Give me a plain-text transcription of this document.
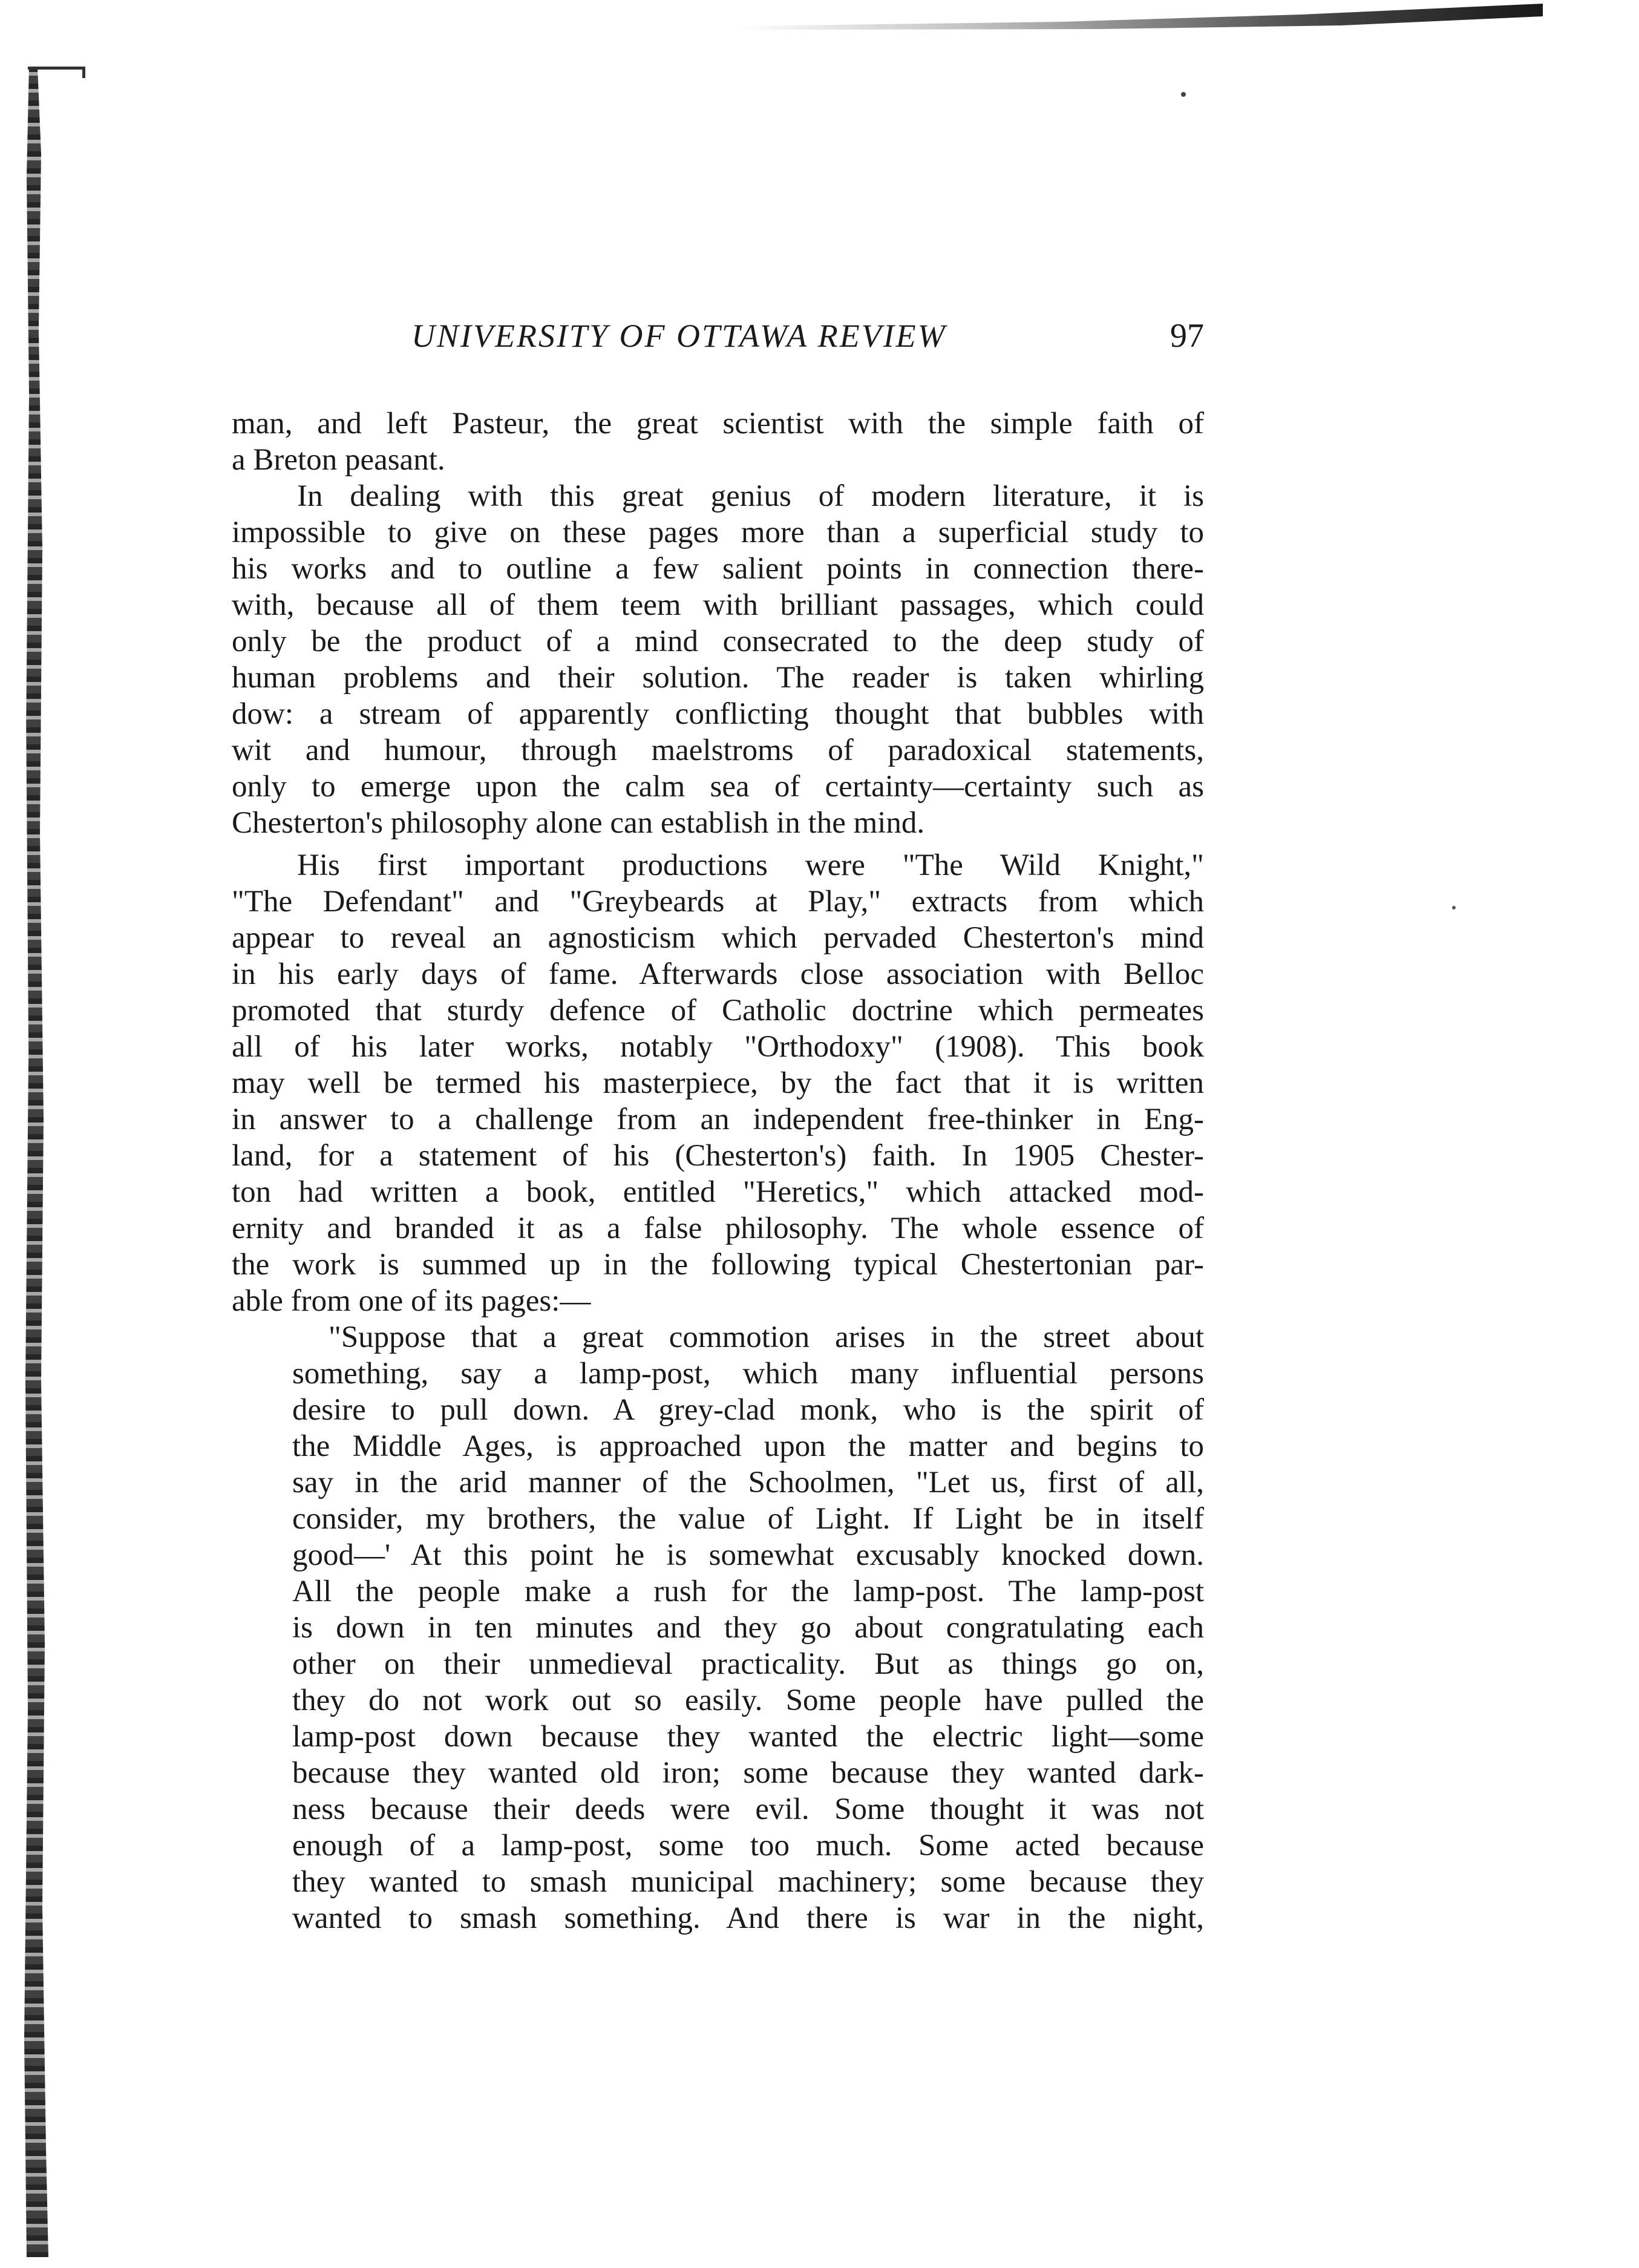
UNIVERSITY OF OTTAWA REVIEW	97
man, and left Pasteur, the great scientist with the simple faith of
a Breton peasant.
In dealing with this great genius of modern literature, it is
impossible to give on these pages more than a superficial study to
his works and to outline a few salient points in connection there-
with, because all of them teem with brilliant passages, which could
only be the product of a mind consecrated to the deep study of
human problems and their solution. The reader is taken whirling
dow: a stream of apparently conflicting thought that bubbles with
wit and humour, through maelstroms of paradoxical statements,
only to emerge upon the calm sea of certainty—certainty such as
Chesterton's philosophy alone can establish in the mind.
His first important productions were "The Wild Knight,"
"The Defendant" and "Greybeards at Play," extracts from which
appear to reveal an agnosticism which pervaded Chesterton's mind
in his early days of fame. Afterwards close association with Belloc
promoted that sturdy defence of Catholic doctrine which permeates
all of his later works, notably "Orthodoxy" (1908). This book
may well be termed his masterpiece, by the fact that it is written
in answer to a challenge from an independent free-thinker in Eng-
land, for a statement of his (Chesterton's) faith. In 1905 Chester-
ton had written a book, entitled "Heretics," which attacked mod-
ernity and branded it as a false philosophy. The whole essence of
the work is summed up in the following typical Chestertonian par-
able from one of its pages:—
"Suppose that a great commotion arises in the street about
something, say a lamp-post, which many influential persons
desire to pull down. A grey-clad monk, who is the spirit of
the Middle Ages, is approached upon the matter and begins to
say in the arid manner of the Schoolmen, "Let us, first of all,
consider, my brothers, the value of Light. If Light be in itself
good—' At this point he is somewhat excusably knocked down.
All the people make a rush for the lamp-post. The lamp-post
is down in ten minutes and they go about congratulating each
other on their unmedieval practicality. But as things go on,
they do not work out so easily. Some people have pulled the
lamp-post down because they wanted the electric light—some
because they wanted old iron; some because they wanted dark-
ness because their deeds were evil. Some thought it was not
enough of a lamp-post, some too much. Some acted because
they wanted to smash municipal machinery; some because they
wanted to smash something. And there is war in the night,
